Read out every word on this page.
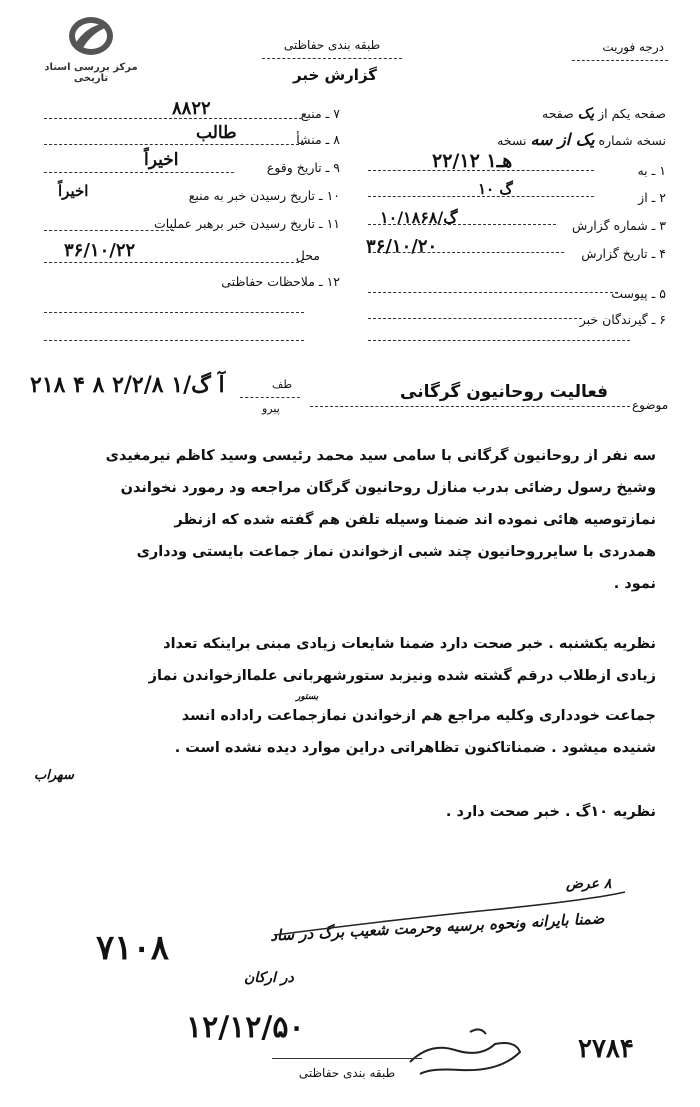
مرکز بررسی اسناد تاریخی
طبقه بندی حفاظتی
گزارش خبر
درجه فوریت
صفحه یکم از یک صفحه
نسخه شماره یک از سه نسخه
۱ ـ به
۲هـ۱ ۲/۱۲
۲ ـ از
گ ۱۰
۳ ـ شماره گزارش
۱۰/۱۸۶۸/گ
۴ ـ تاریخ گزارش
۳۶/۱۰/۲۰
۵ ـ پیوست
۶ ـ گیرندگان خبر
۷ ـ منبع
۸۸۲۲
۸ ـ منشأ
طالب
۹ ـ تاریخ وقوع
اخیراً
۱۰ ـ تاریخ رسیدن خبر به منبع
اخیراً
۱۱ ـ تاریخ رسیدن خبر برهبر عملیات
محل
۳۶/۱۰/۲۲
۱۲ ـ ملاحظات حفاظتی
طف
پیرو
۲۱۸ ۴ ۸ آ گ/۱ ۲/۲/۸
موضوع
فعالیت روحانیون گرگانی
سه نفر از روحانیون گرگانی با سامی سید محمد رئیسی وسید کاظم نیرمغیدی
وشیخ رسول رضائی بدرب منازل روحانیون گرگان مراجعه ود رمورد نخواندن
نمازتوصیه هائی نموده اند ضمنا وسیله تلفن هم گفته شده که ازنظر
همدردی با سایرروحانیون چند شبی ازخواندن نماز جماعت بایستی ودداری
نمود .
نظریه یکشنبه . خبر صحت دارد ضمنا شایعات زیادی مبنی براینکه تعداد
زیادی ازطلاب درقم گشته شده ونیزبد ستورشهربانی علماازخواندن نماز
جماعت خودداری وکلیه مراجع هم ازخواندن نمازجماعت راداده انسد
شنیده میشود . ضمناتاکنون تظاهراتی دراین موارد دیده نشده است .
نظریه ۱۰گ . خبر صحت دارد .
بستور
سهراب
۸ عرض
ضمنا بایرانه ونحوه برسیه وحرمت شعیب برگ در ساد
۷۱۰۸
در ارکان
۱۲/۱۲/۵۰
۲۷۸۴
طبقه بندی حفاظتی
